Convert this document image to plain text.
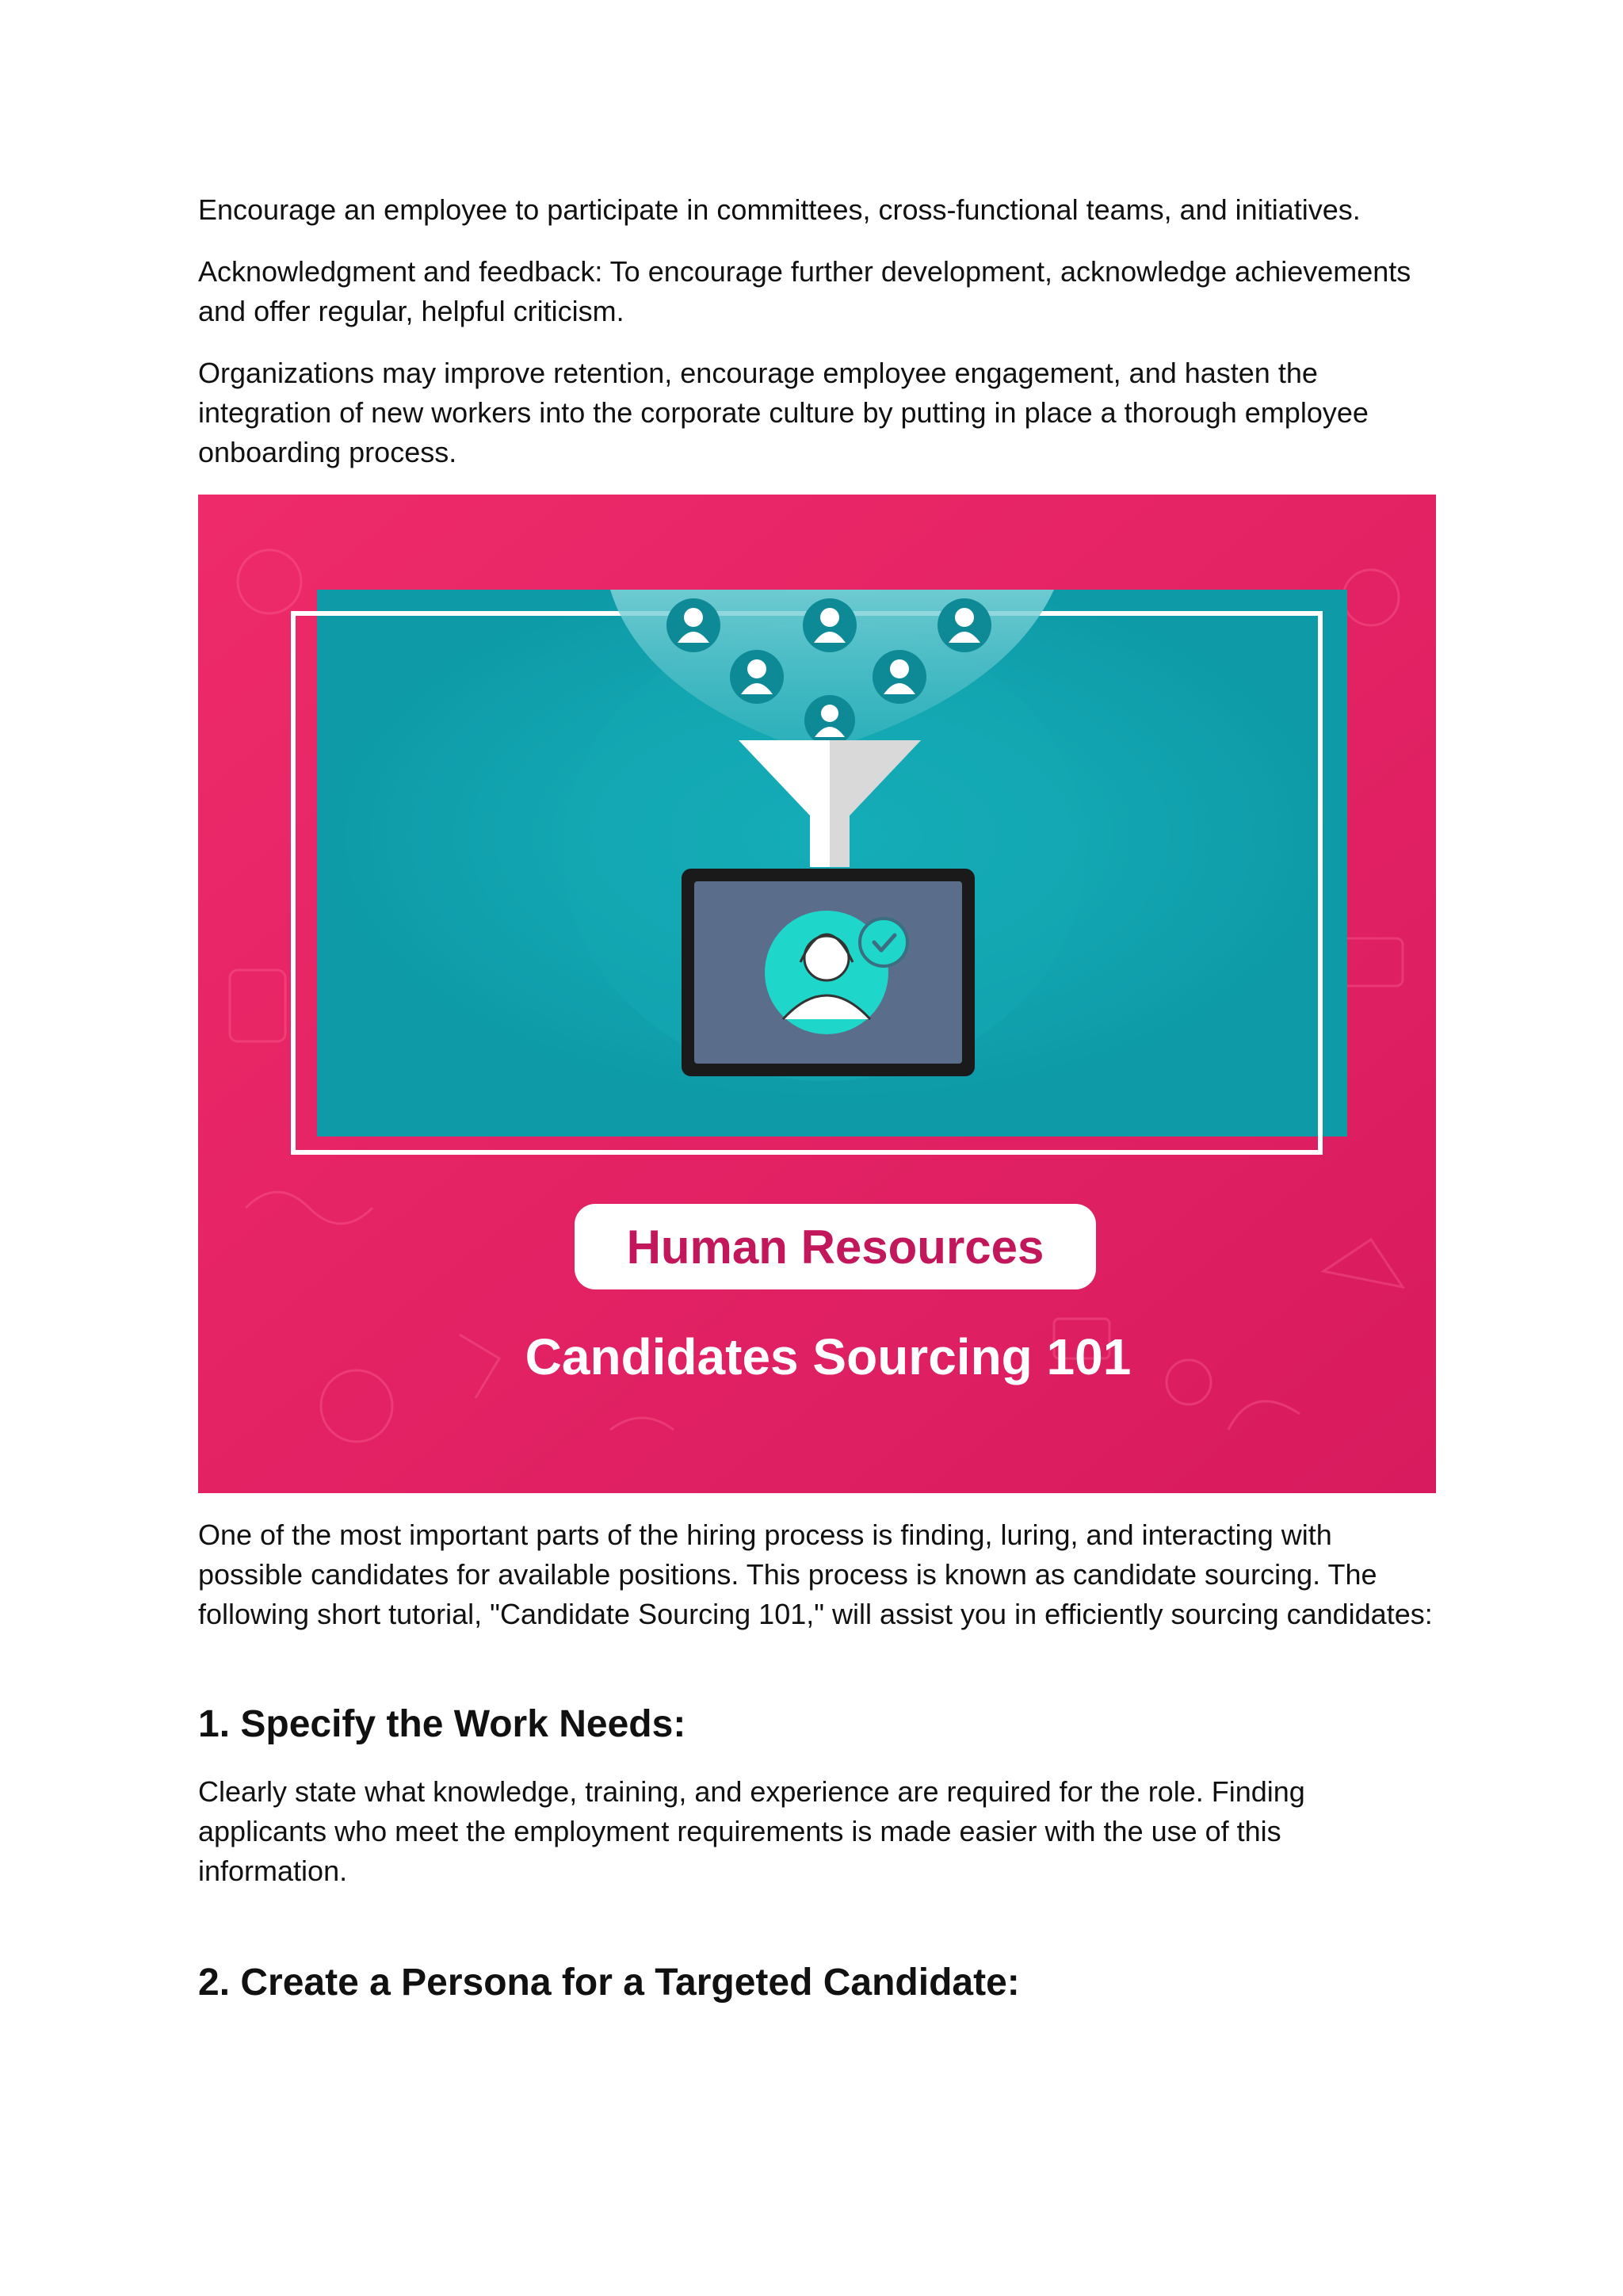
Encourage an employee to participate in committees, cross-functional teams, and initiatives.

Acknowledgment and feedback: To encourage further development, acknowledge achievements and offer regular, helpful criticism.

Organizations may improve retention, encourage employee engagement, and hasten the integration of new workers into the corporate culture by putting in place a thorough employee onboarding process.

Human Resources
Candidates Sourcing 101

One of the most important parts of the hiring process is finding, luring, and interacting with possible candidates for available positions. This process is known as candidate sourcing. The following short tutorial, "Candidate Sourcing 101," will assist you in efficiently sourcing candidates:

1. Specify the Work Needs:

Clearly state what knowledge, training, and experience are required for the role. Finding applicants who meet the employment requirements is made easier with the use of this information.

2. Create a Persona for a Targeted Candidate:
